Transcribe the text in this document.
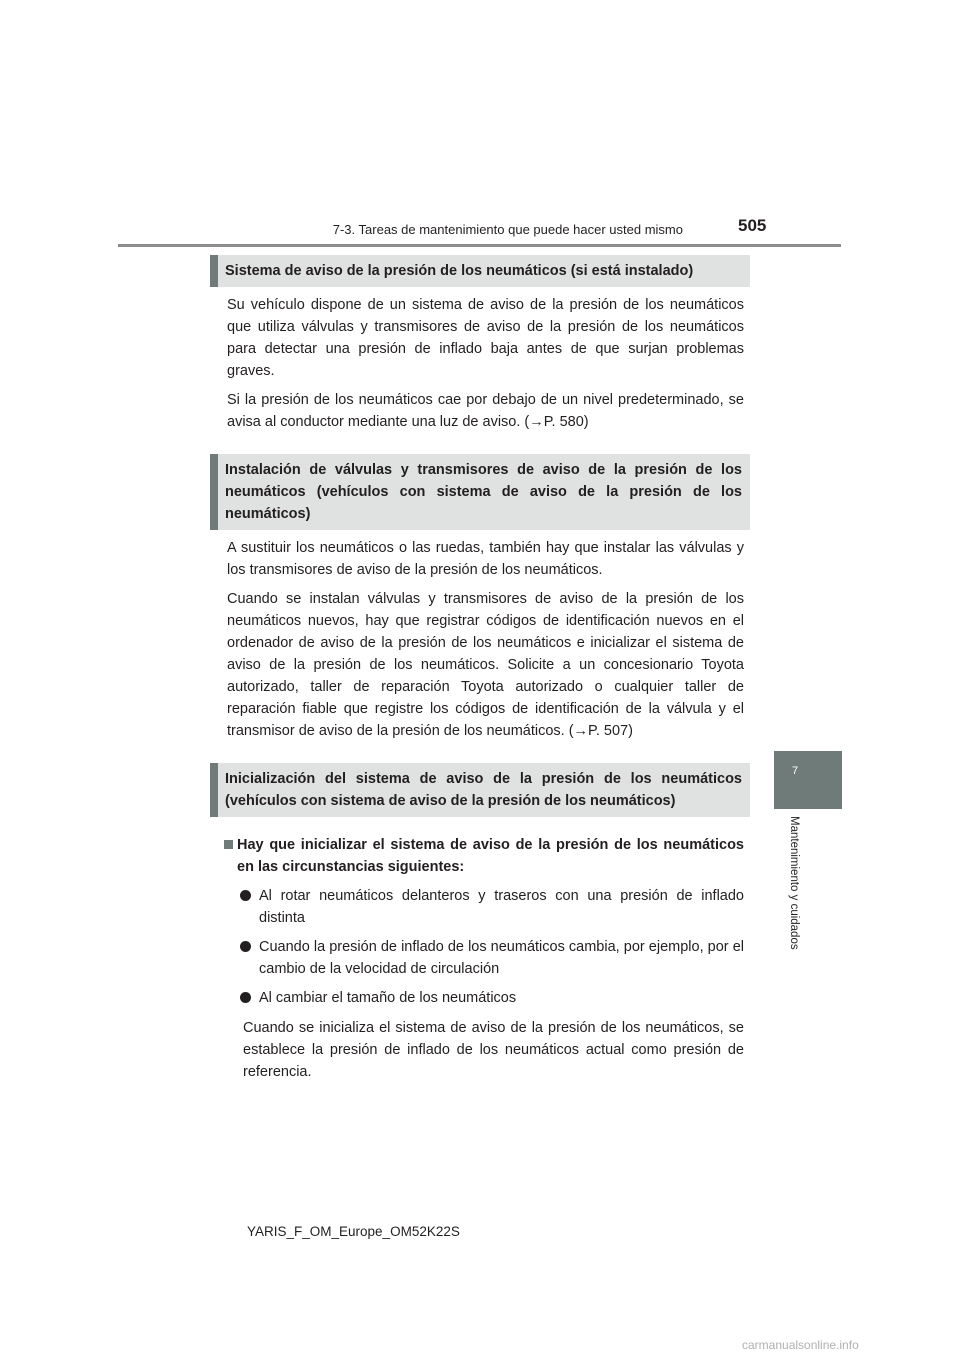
7-3. Tareas de mantenimiento que puede hacer usted mismo	505
7
Mantenimiento y cuidados
Sistema de aviso de la presión de los neumáticos (si está instalado)

Su vehículo dispone de un sistema de aviso de la presión de los neumáticos que utiliza válvulas y transmisores de aviso de la presión de los neumáticos para detectar una presión de inflado baja antes de que surjan problemas graves.

Si la presión de los neumáticos cae por debajo de un nivel predeterminado, se avisa al conductor mediante una luz de aviso. (→P. 580)

Instalación de válvulas y transmisores de aviso de la presión de los neumáticos (vehículos con sistema de aviso de la presión de los neumáticos)

A sustituir los neumáticos o las ruedas, también hay que instalar las válvulas y los transmisores de aviso de la presión de los neumáticos.

Cuando se instalan válvulas y transmisores de aviso de la presión de los neumáticos nuevos, hay que registrar códigos de identificación nuevos en el ordenador de aviso de la presión de los neumáticos e inicializar el sistema de aviso de la presión de los neumáticos. Solicite a un concesionario Toyota autorizado, taller de reparación Toyota autorizado o cualquier taller de reparación fiable que registre los códigos de identificación de la válvula y el transmisor de aviso de la presión de los neumáticos. (→P. 507)

Inicialización del sistema de aviso de la presión de los neumáticos (vehículos con sistema de aviso de la presión de los neumáticos)
Hay que inicializar el sistema de aviso de la presión de los neumáticos en las circunstancias siguientes:
Al rotar neumáticos delanteros y traseros con una presión de inflado distinta
Cuando la presión de inflado de los neumáticos cambia, por ejemplo, por el cambio de la velocidad de circulación
Al cambiar el tamaño de los neumáticos

Cuando se inicializa el sistema de aviso de la presión de los neumáticos, se establece la presión de inflado de los neumáticos actual como presión de referencia.

YARIS_F_OM_Europe_OM52K22S
carmanualsonline.info
